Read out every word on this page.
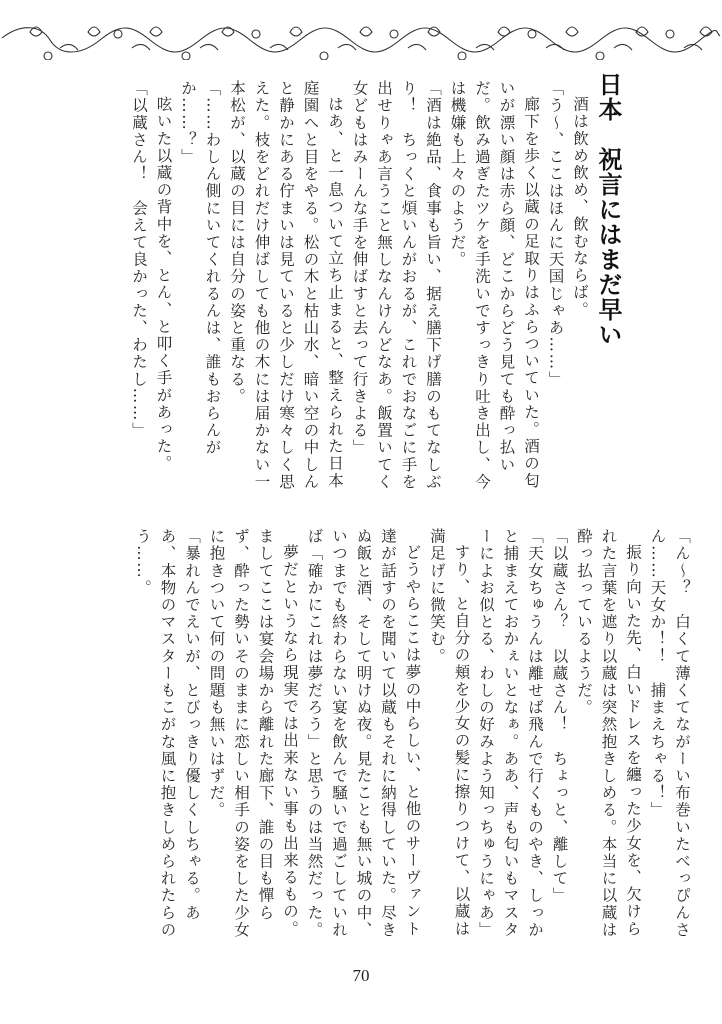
日本　祝言にはまだ早い

酒は飲め飲め、飲むならば。

「う～、ここはほんに天国じゃあ……」

廊下を歩く以蔵の足取りはふらついていた。酒の匂いが漂い顔は赤ら顔、どこからどう見ても酔っ払いだ。飲み過ぎたツケを手洗いですっきり吐き出し、今は機嫌も上々のようだ。

「酒は絶品、食事も旨い、据え膳下げ膳のもてなしぶり！　ちっくと煩いんがおるが、これでおなごに手を出せりゃあ言うこと無しなんけんどなあ。飯置いてく女どもはみーんな手を伸ばすと去って行きよる」

はあ、と一息ついて立ち止まると、整えられた日本庭園へと目をやる。松の木と枯山水、暗い空の中しんと静かにある佇まいは見ていると少しだけ寒々しく思えた。枝をどれだけ伸ばしても他の木には届かない一本松が、以蔵の目には自分の姿と重なる。

「……わしん側にいてくれるんは、誰もおらんがか……？」

呟いた以蔵の背中を、とん、と叩く手があった。

「以蔵さん！　会えて良かった、わたし……」

「ん～？　白くて薄くてながーい布巻いたべっぴんさん……天女か！！　捕まえちゃる！」

振り向いた先、白いドレスを纏った少女を、欠けられた言葉を遮り以蔵は突然抱きしめる。本当に以蔵は酔っ払っているようだ。

「以蔵さん？　以蔵さん！　ちょっと、離して」

「天女ちゅうんは離せば飛んで行くものやき、しっかと捕まえておかぇいとなぁ。ああ、声も匂いもマスターによお似とる、わしの好みよう知っちゅうにゃあ」

すり、と自分の頬を少女の髪に擦りつけて、以蔵は満足げに微笑む。

どうやらここは夢の中らしい、と他のサーヴァント達が話すのを聞いて以蔵もそれに納得していた。尽きぬ飯と酒、そして明けぬ夜。見たことも無い城の中、いつまでも終わらない宴を飲んで騒いで過ごしていれば「確かにこれは夢だろう」と思うのは当然だった。

夢だというなら現実では出来ない事も出来るもの。ましてここは宴会場から離れた廊下、誰の目も憚らず、酔った勢いそのままに恋しい相手の姿をした少女に抱きついて何の問題も無いはずだ。

「暴れんでえいが、とびっきり優しくしちゃる。ああ、本物のマスターもこがな風に抱きしめられたらのう……。

70
